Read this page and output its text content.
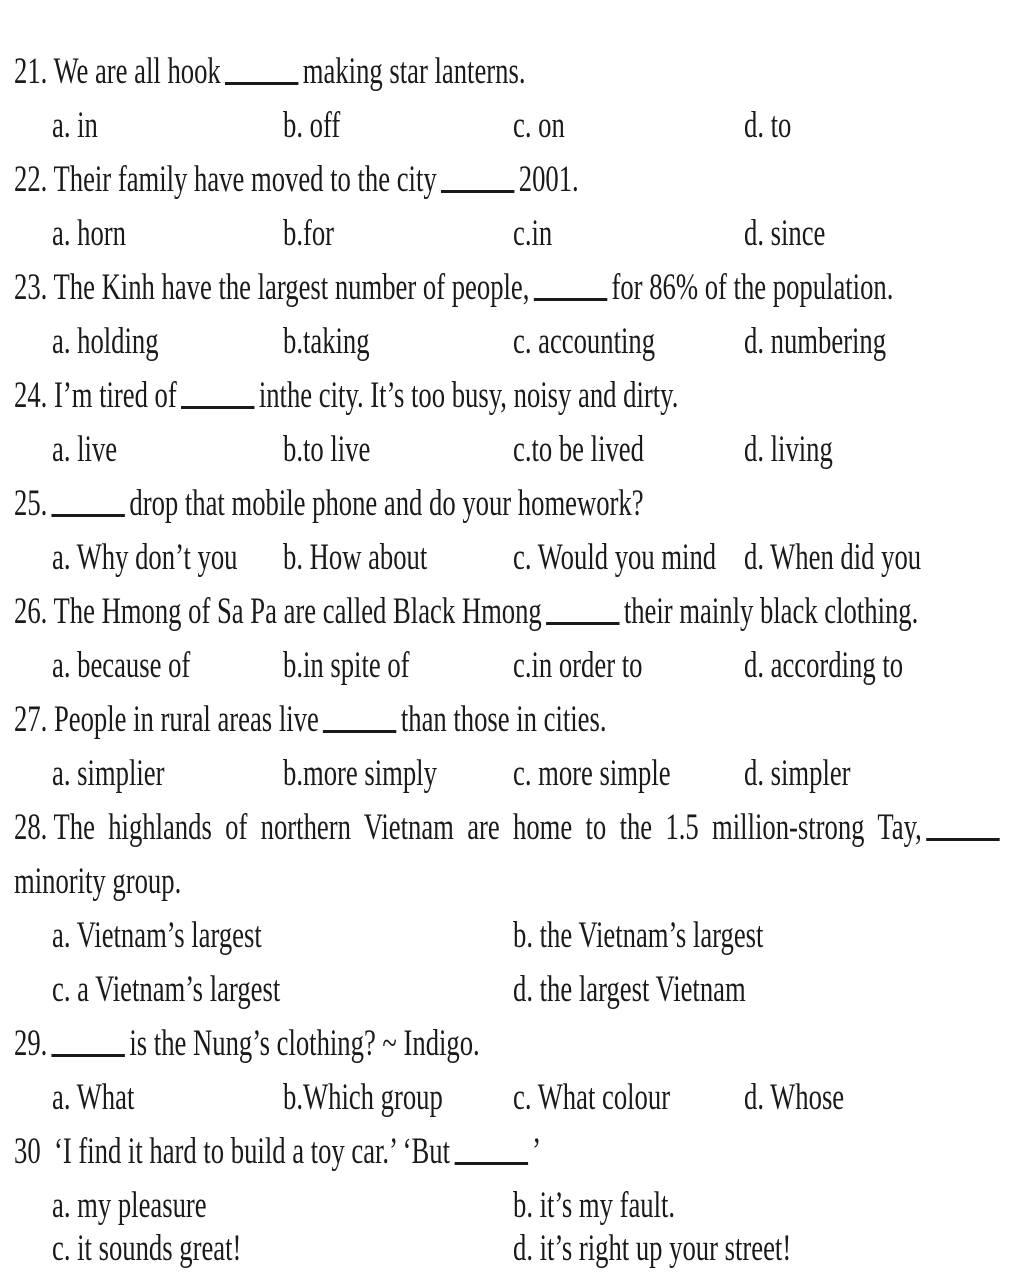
21. We are all hook making star lanterns.
a. in	b. off	c. on	d. to
22. Their family have moved to the city 2001.
a. horn	b.for	c.in	d. since
23. The Kinh have the largest number of people, for 86% of the population.
a. holding	b.taking	c. accounting d. numbering
24. I’m tired of inthe city. It’s too busy, noisy and dirty.
a. live	b.to live	c.to be lived	d. living
25. drop that mobile phone and do your homework?
a. Why don’t you b. How about c. Would you mind d. When did you
26. The Hmong of Sa Pa are called Black Hmong their mainly black clothing.
a. because of	b.in spite of	c.in order to	d. according to
27. People in rural areas live than those in cities.
a. simplier	b.more simply c. more simple d. simpler
28. The  highlands  of  northern  Vietnam  are  home  to  the  1.5  million-strong  Tay,
minority group.
a. Vietnam’s largest	b. the Vietnam’s largest
c. a Vietnam’s largest	d. the largest Vietnam
29. is the Nung’s clothing? ~ Indigo.
a. What	b.Which group c. What colour d. Whose
30 ‘I find it hard to build a toy car.’ ‘But ’
a. my pleasure	b. it’s my fault.
c. it sounds great!	d. it’s right up your street!
